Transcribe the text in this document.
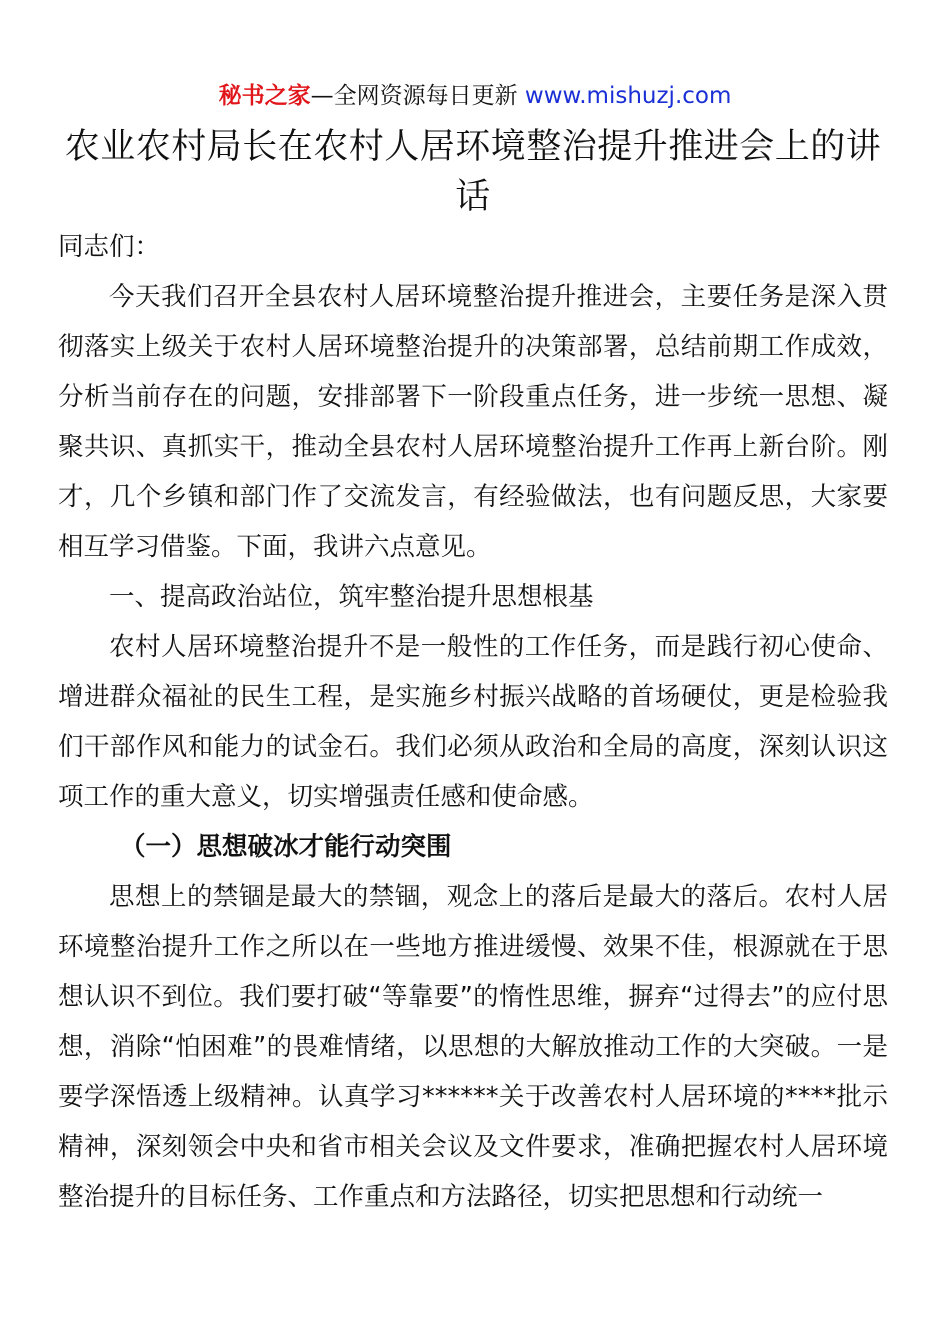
秘书之家—全网资源每日更新 www.mishuzj.com
农业农村局长在农村人居环境整治提升推进会上的讲话

同志们：

今天我们召开全县农村人居环境整治提升推进会，主要任务是深入贯彻落实上级关于农村人居环境整治提升的决策部署，总结前期工作成效，分析当前存在的问题，安排部署下一阶段重点任务，进一步统一思想、凝聚共识、真抓实干，推动全县农村人居环境整治提升工作再上新台阶。刚才，几个乡镇和部门作了交流发言，有经验做法，也有问题反思，大家要相互学习借鉴。下面，我讲六点意见。

一、提高政治站位，筑牢整治提升思想根基

农村人居环境整治提升不是一般性的工作任务，而是践行初心使命、增进群众福祉的民生工程，是实施乡村振兴战略的首场硬仗，更是检验我们干部作风和能力的试金石。我们必须从政治和全局的高度，深刻认识这项工作的重大意义，切实增强责任感和使命感。

（一）思想破冰才能行动突围

思想上的禁锢是最大的禁锢，观念上的落后是最大的落后。农村人居环境整治提升工作之所以在一些地方推进缓慢、效果不佳，根源就在于思想认识不到位。我们要打破“等靠要”的惰性思维，摒弃“过得去”的应付思想，消除“怕困难”的畏难情绪，以思想的大解放推动工作的大突破。一是要学深悟透上级精神。认真学习******关于改善农村人居环境的****批示精神，深刻领会中央和省市相关会议及文件要求，准确把握农村人居环境整治提升的目标任务、工作重点和方法路径，切实把思想和行动统一
